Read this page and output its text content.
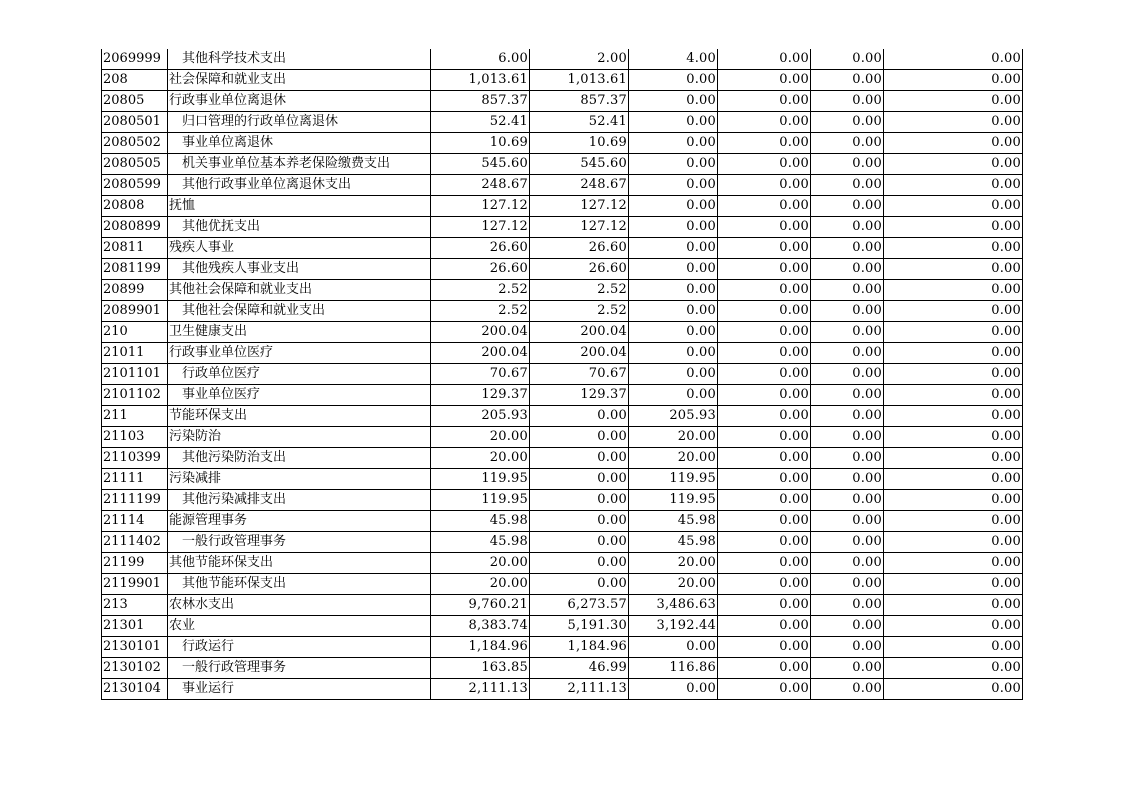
2069999	其他科学技术支出	6.00	2.00	4.00	0.00	0.00	0.00
208	社会保障和就业支出	1,013.61	1,013.61	0.00	0.00	0.00	0.00
20805	行政事业单位离退休	857.37	857.37	0.00	0.00	0.00	0.00
2080501	归口管理的行政单位离退休	52.41	52.41	0.00	0.00	0.00	0.00
2080502	事业单位离退休	10.69	10.69	0.00	0.00	0.00	0.00
2080505	机关事业单位基本养老保险缴费支出	545.60	545.60	0.00	0.00	0.00	0.00
2080599	其他行政事业单位离退休支出	248.67	248.67	0.00	0.00	0.00	0.00
20808	抚恤	127.12	127.12	0.00	0.00	0.00	0.00
2080899	其他优抚支出	127.12	127.12	0.00	0.00	0.00	0.00
20811	残疾人事业	26.60	26.60	0.00	0.00	0.00	0.00
2081199	其他残疾人事业支出	26.60	26.60	0.00	0.00	0.00	0.00
20899	其他社会保障和就业支出	2.52	2.52	0.00	0.00	0.00	0.00
2089901	其他社会保障和就业支出	2.52	2.52	0.00	0.00	0.00	0.00
210	卫生健康支出	200.04	200.04	0.00	0.00	0.00	0.00
21011	行政事业单位医疗	200.04	200.04	0.00	0.00	0.00	0.00
2101101	行政单位医疗	70.67	70.67	0.00	0.00	0.00	0.00
2101102	事业单位医疗	129.37	129.37	0.00	0.00	0.00	0.00
211	节能环保支出	205.93	0.00	205.93	0.00	0.00	0.00
21103	污染防治	20.00	0.00	20.00	0.00	0.00	0.00
2110399	其他污染防治支出	20.00	0.00	20.00	0.00	0.00	0.00
21111	污染减排	119.95	0.00	119.95	0.00	0.00	0.00
2111199	其他污染减排支出	119.95	0.00	119.95	0.00	0.00	0.00
21114	能源管理事务	45.98	0.00	45.98	0.00	0.00	0.00
2111402	一般行政管理事务	45.98	0.00	45.98	0.00	0.00	0.00
21199	其他节能环保支出	20.00	0.00	20.00	0.00	0.00	0.00
2119901	其他节能环保支出	20.00	0.00	20.00	0.00	0.00	0.00
213	农林水支出	9,760.21	6,273.57	3,486.63	0.00	0.00	0.00
21301	农业	8,383.74	5,191.30	3,192.44	0.00	0.00	0.00
2130101	行政运行	1,184.96	1,184.96	0.00	0.00	0.00	0.00
2130102	一般行政管理事务	163.85	46.99	116.86	0.00	0.00	0.00
2130104	事业运行	2,111.13	2,111.13	0.00	0.00	0.00	0.00
